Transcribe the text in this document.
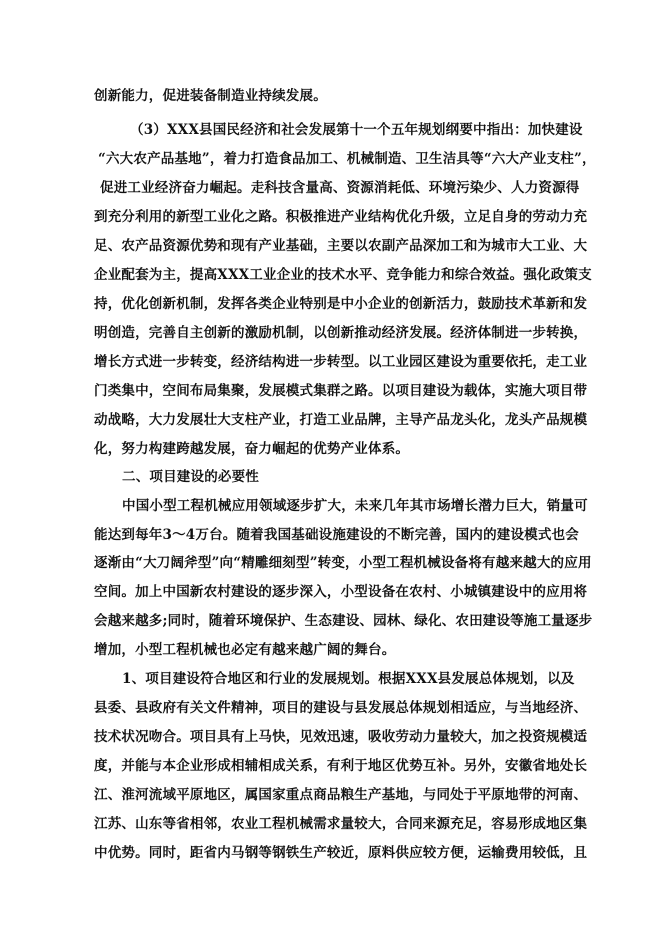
创新能力，促进装备制造业持续发展。

（3）XXX县国民经济和社会发展第十一个五年规划纲要中指出：加快建设

“六大农产品基地”，着力打造食品加工、机械制造、卫生洁具等“六大产业支柱”，

促进工业经济奋力崛起。走科技含量高、资源消耗低、环境污染少、人力资源得

到充分利用的新型工业化之路。积极推进产业结构优化升级，立足自身的劳动力充

足、农产品资源优势和现有产业基础，主要以农副产品深加工和为城市大工业、大

企业配套为主，提高XXX工业企业的技术水平、竞争能力和综合效益。强化政策支

持，优化创新机制，发挥各类企业特别是中小企业的创新活力，鼓励技术革新和发

明创造，完善自主创新的激励机制，以创新推动经济发展。经济体制进一步转换，

增长方式进一步转变，经济结构进一步转型。以工业园区建设为重要依托，走工业

门类集中，空间布局集聚，发展模式集群之路。以项目建设为载体，实施大项目带

动战略，大力发展壮大支柱产业，打造工业品牌，主导产品龙头化，龙头产品规模

化，努力构建跨越发展，奋力崛起的优势产业体系。

二、项目建设的必要性

中国小型工程机械应用领域逐步扩大，未来几年其市场增长潜力巨大，销量可

能达到每年3～4万台。随着我国基础设施建设的不断完善，国内的建设模式也会

逐渐由“大刀阔斧型”向“精雕细刻型”转变，小型工程机械设备将有越来越大的应用

空间。加上中国新农村建设的逐步深入，小型设备在农村、小城镇建设中的应用将

会越来越多;同时，随着环境保护、生态建设、园林、绿化、农田建设等施工量逐步

增加，小型工程机械也必定有越来越广阔的舞台。

1、项目建设符合地区和行业的发展规划。根据XXX县发展总体规划，以及

县委、县政府有关文件精神，项目的建设与县发展总体规划相适应，与当地经济、

技术状况吻合。项目具有上马快，见效迅速，吸收劳动力量较大，加之投资规模适

度，并能与本企业形成相辅相成关系，有利于地区优势互补。另外，安徽省地处长

江、淮河流域平原地区，属国家重点商品粮生产基地，与同处于平原地带的河南、

江苏、山东等省相邻，农业工程机械需求量较大，合同来源充足，容易形成地区集

中优势。同时，距省内马钢等钢铁生产较近，原料供应较方便，运输费用较低，且
